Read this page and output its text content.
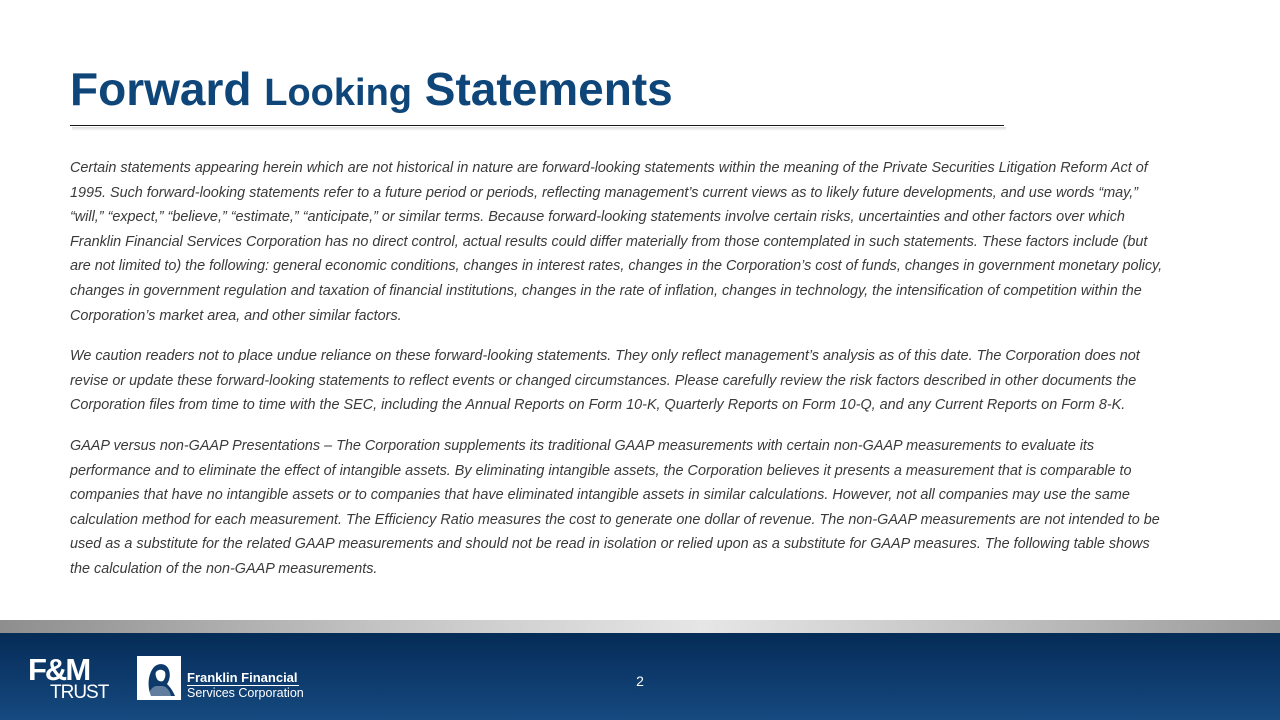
Forward Looking Statements

Certain statements appearing herein which are not historical in nature are forward-looking statements within the meaning of the Private Securities Litigation Reform Act of 1995. Such forward-looking statements refer to a future period or periods, reflecting management’s current views as to likely future developments, and use words “may,” “will,” “expect,” “believe,” “estimate,” “anticipate,” or similar terms. Because forward-looking statements involve certain risks, uncertainties and other factors over which Franklin Financial Services Corporation has no direct control, actual results could differ materially from those contemplated in such statements. These factors include (but are not limited to) the following: general economic conditions, changes in interest rates, changes in the Corporation’s cost of funds, changes in government monetary policy, changes in government regulation and taxation of financial institutions, changes in the rate of inflation, changes in technology, the intensification of competition within the Corporation’s market area, and other similar factors.

We caution readers not to place undue reliance on these forward-looking statements. They only reflect management’s analysis as of this date. The Corporation does not revise or update these forward-looking statements to reflect events or changed circumstances. Please carefully review the risk factors described in other documents the Corporation files from time to time with the SEC, including the Annual Reports on Form 10-K, Quarterly Reports on Form 10-Q, and any Current Reports on Form 8-K.

GAAP versus non-GAAP Presentations – The Corporation supplements its traditional GAAP measurements with certain non-GAAP measurements to evaluate its performance and to eliminate the effect of intangible assets. By eliminating intangible assets, the Corporation believes it presents a measurement that is comparable to companies that have no intangible assets or to companies that have eliminated intangible assets in similar calculations. However, not all companies may use the same calculation method for each measurement. The Efficiency Ratio measures the cost to generate one dollar of revenue. The non-GAAP measurements are not intended to be used as a substitute for the related GAAP measurements and should not be read in isolation or relied upon as a substitute for GAAP measures. The following table shows the calculation of the non-GAAP measurements.

F&M
TRUST
Franklin Financial
Services Corporation
2
